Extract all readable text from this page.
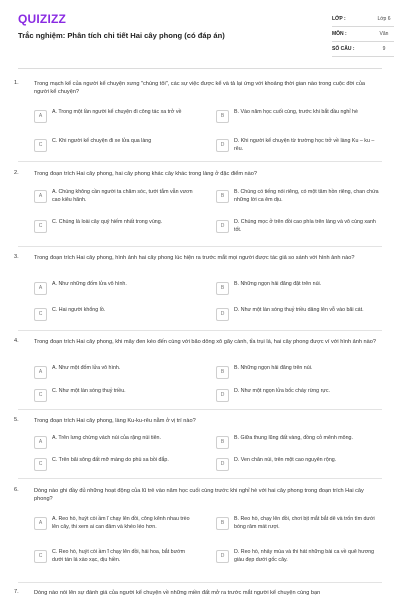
QUIZIZZ
Trắc nghiệm: Phân tích chi tiết Hai cây phong (có đáp án)
LỚP :	Lớp 6
MÔN :	Văn
SỐ CÂU :	9
1.	Trong mạch kể của người kể chuyện xưng "chúng tôi", các sự việc được kể và tả lại ứng với khoảng thời gian nào trong cuộc đời của người kể chuyện?
A
A. Trong một lần người kể chuyện đi công tác xa trở về
B
B. Vào năm học cuối cùng, trước khi bắt đầu nghỉ hè
C
C. Khi người kể chuyện đi xe lửa qua làng
D
D. Khi người kể chuyện từ trường học trở về làng Ku – ku – rêu.
2.	Trong đoạn trích Hai cây phong, hai cây phong khác cây khác trong làng ở đặc điểm nào?
A
A. Chúng không cần người ta chăm sóc, tưới tắm vẫn vươn cao kiêu hãnh.
B
B. Chúng có tiếng nói riêng, có một tâm hồn riêng, chan chứa những lời ca êm dịu.
C
C. Chúng là loài cây quý hiếm nhất trong vùng.
D
D. Chúng mọc ở trên đồi cao phía trên làng và vô cùng xanh tốt.
3.	Trong đoạn trích Hai cây phong, hình ảnh hai cây phong lúc hiện ra trước mắt mọi người được tác giả so sánh với hình ảnh nào?
A
A. Như những đốm lửa vô hình.
B
B. Những ngọn hải đăng đặt trên núi.
C
C. Hai người khổng lồ.
D
D. Như một làn sóng thuỷ triều dâng lên vỗ vào bãi cát.
4.	Trong đoạn trích Hai cây phong, khi mây đen kéo đến cùng với bão dông xô gãy cành, tỉa trụi lá, hai cây phong được ví với hình ảnh nào?
A
A. Như một đốm lửa vô hình.
B
B. Những ngọn hải đăng trên núi.
C
C. Như một làn sóng thuỷ triều.
D
D. Như một ngọn lửa bốc cháy rừng rực.
5.	Trong đoạn trích Hai cây phong, làng Ku-ku-rêu nằm ở vị trí nào?
A
A. Trên lưng chừng vách núi của rặng núi tiên.
B
B. Giữa thung lũng đất vàng, đồng cỏ mênh mông.
C
C. Trên bãi sông đất mỡ màng do phù sa bồi đắp.
D
D. Ven chân núi, trên một cao nguyên rộng.
6.	Dòng nào ghi đầy đủ những hoạt động của lũ trẻ vào năm học cuối cùng trước khi nghỉ hè với hai cây phong trong đoạn trích Hai cây phong?
A
A. Reo hò, huýt còi ầm ĩ chạy lên đồi, công kênh nhau trèo lên cây, thi xem ai can đảm và khéo léo hơn.
B
B. Reo hò, chạy lên đồi, chơi bịt mắt bắt dê và trốn tìm dưới bóng râm mát rượi.
C
C. Reo hò, huýt còi ầm ĩ chạy lên đồi, hái hoa, bắt bướm dưới tán lá xào xạc, dịu hiền.
D
D. Reo hò, nhảy múa và thi hát những bài ca về quê hương giàu đẹp dưới gốc cây.
7.	Dòng nào nói lên sự đánh giá của người kể chuyện về những miền đất mở ra trước mắt người kể chuyện cùng bạn
